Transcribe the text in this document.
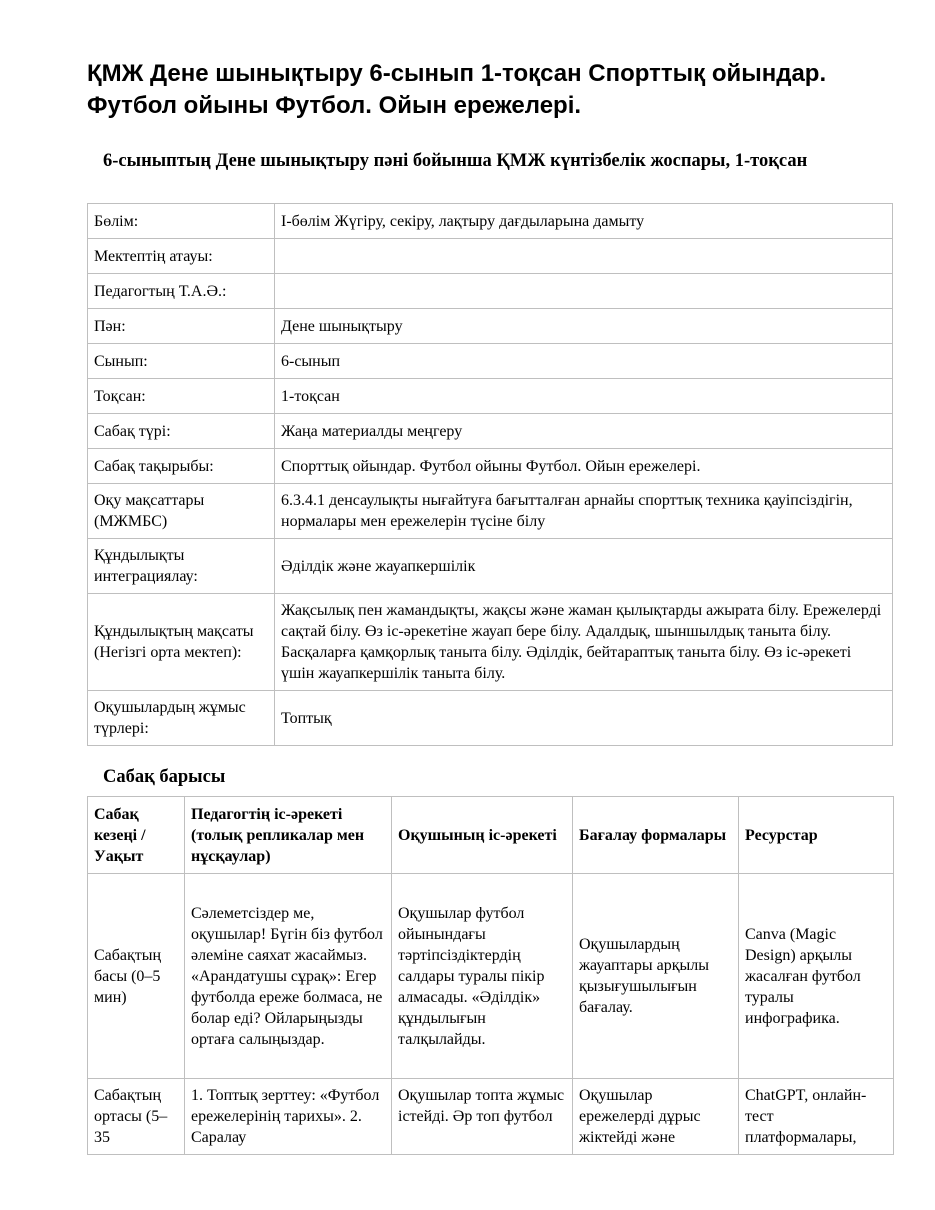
ҚМЖ Дене шынықтыру 6-сынып 1-тоқсан Спорттық ойындар. Футбол ойыны Футбол. Ойын ережелері.
6-сыныптың Дене шынықтыру пәні бойынша ҚМЖ күнтізбелік жоспары, 1-тоқсан
Бөлім:	І-бөлім Жүгіру, секіру, лақтыру дағдыларына дамыту
Мектептің атауы:	
Педагогтың Т.А.Ә.:	
Пән:	Дене шынықтыру
Сынып:	6-сынып
Тоқсан:	1-тоқсан
Сабақ түрі:	Жаңа материалды меңгеру
Сабақ тақырыбы:	Спорттық ойындар. Футбол ойыны Футбол. Ойын ережелері.
Оқу мақсаттары (МЖМБС)	6.3.4.1 денсаулықты нығайтуға бағытталған арнайы спорттық техника қауіпсіздігін, нормалары мен ережелерін түсіне білу
Құндылықты интеграциялау:	Әділдік және жауапкершілік
Құндылықтың мақсаты (Негізгі орта мектеп):	Жақсылық пен жамандықты, жақсы және жаман қылықтарды ажырата білу. Ережелерді сақтай білу. Өз іс-әрекетіне жауап бере білу. Адалдық, шыншылдық таныта білу. Басқаларға қамқорлық таныта білу. Әділдік, бейтараптық таныта білу. Өз іс-әрекеті үшін жауапкершілік таныта білу.
Оқушылардың жұмыс түрлері:	Топтық
Сабақ барысы
Сабақ кезеңі / Уақыт	Педагогтің іс-әрекеті (толық репликалар мен нұсқаулар)	Оқушының іс-әрекеті	Бағалау формалары	Ресурстар
Сабақтың басы (0–5 мин)	Сәлеметсіздер ме, оқушылар! Бүгін біз футбол әлеміне саяхат жасаймыз. «Арандатушы сұрақ»: Егер футболда ереже болмаса, не болар еді? Ойларыңызды ортаға салыңыздар.	Оқушылар футбол ойынындағы тәртіпсіздіктердің салдары туралы пікір алмасады. «Әділдік» құндылығын талқылайды.	Оқушылардың жауаптары арқылы қызығушылығын бағалау.	Canva (Magic Design) арқылы жасалған футбол туралы инфографика.
Сабақтың ортасы (5–35	1. Топтық зерттеу: «Футбол ережелерінің тарихы». 2. Саралау	Оқушылар топта жұмыс істейді. Әр топ футбол	Оқушылар ережелерді дұрыс жіктейді және	ChatGPT, онлайн-тест платформалары,
